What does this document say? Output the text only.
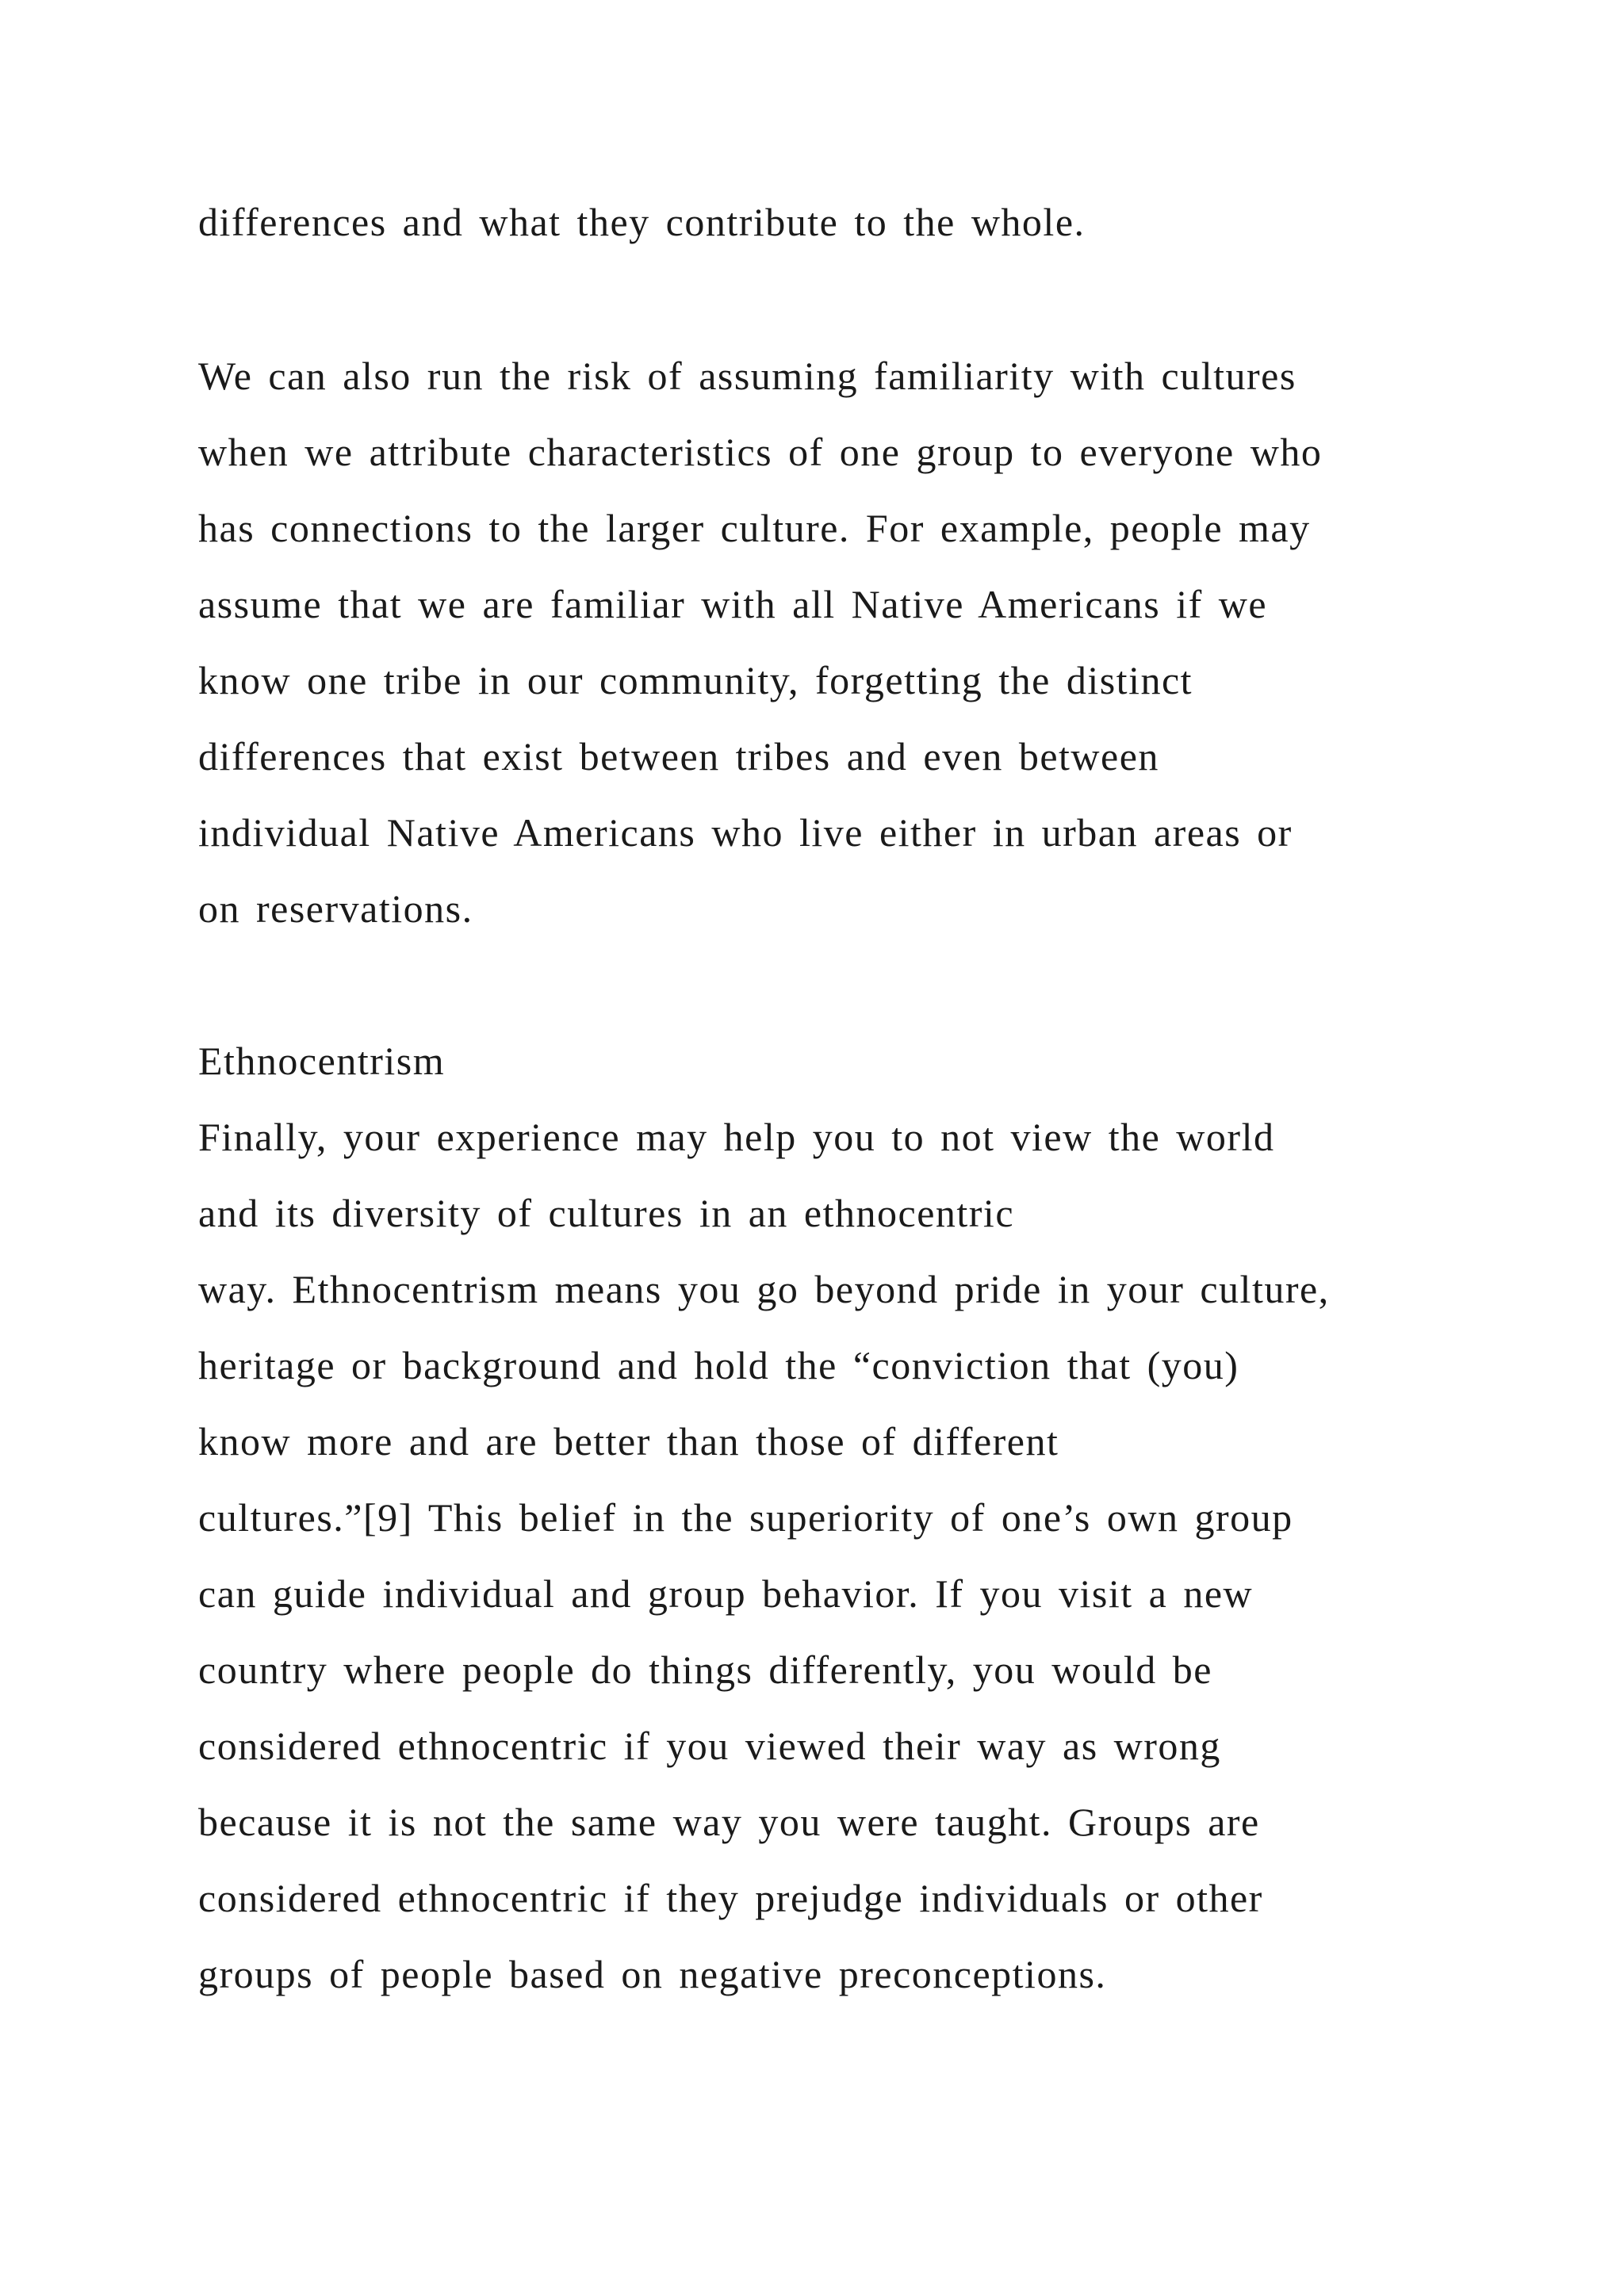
differences and what they contribute to the whole.
We can also run the risk of assuming familiarity with cultures
when we attribute characteristics of one group to everyone who
has connections to the larger culture. For example, people may
assume that we are familiar with all Native Americans if we
know one tribe in our community, forgetting the distinct
differences that exist between tribes and even between
individual Native Americans who live either in urban areas or
on reservations.
Ethnocentrism
Finally, your experience may help you to not view the world
and its diversity of cultures in an ethnocentric
way. Ethnocentrism means you go beyond pride in your culture,
heritage or background and hold the “conviction that (you)
know more and are better than those of different
cultures.”[9] This belief in the superiority of one’s own group
can guide individual and group behavior. If you visit a new
country where people do things differently, you would be
considered ethnocentric if you viewed their way as wrong
because it is not the same way you were taught. Groups are
considered ethnocentric if they prejudge individuals or other
groups of people based on negative preconceptions.
